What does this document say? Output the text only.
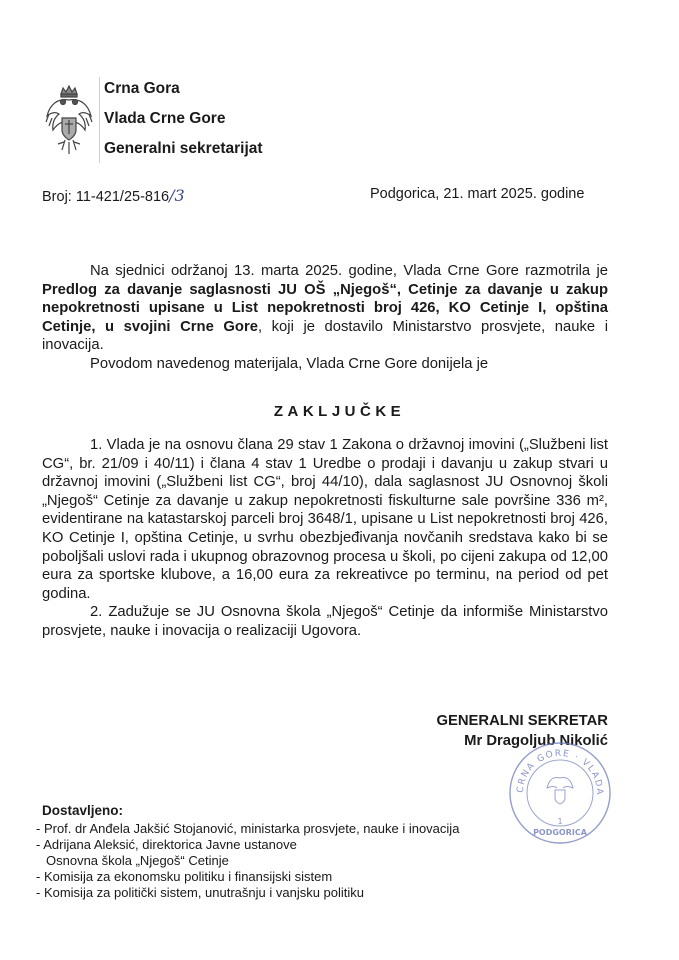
Crna Gora
Vlada Crne Gore
Generalni sekretarijat
Broj: 11-421/25-816/3	Podgorica, 21. mart 2025. godine

Na sjednici održanoj 13. marta 2025. godine, Vlada Crne Gore razmotrila je Predlog za davanje saglasnosti JU OŠ „Njegoš“, Cetinje za davanje u zakup nepokretnosti upisane u List nepokretnosti broj 426, KO Cetinje I, opština Cetinje, u svojini Crne Gore, koji je dostavilo Ministarstvo prosvjete, nauke i inovacija.

Povodom navedenog materijala, Vlada Crne Gore donijela je

ZAKLJUČKE

1. Vlada je na osnovu člana 29 stav 1 Zakona o državnoj imovini („Službeni list CG“, br. 21/09 i 40/11) i člana 4 stav 1 Uredbe o prodaji i davanju u zakup stvari u državnoj imovini („Službeni list CG“, broj 44/10), dala saglasnost JU Osnovnoj školi „Njegoš“ Cetinje za davanje u zakup nepokretnosti fiskulturne sale površine 336 m², evidentirane na katastarskoj parceli broj 3648/1, upisane u List nepokretnosti broj 426, KO Cetinje I, opština Cetinje, u svrhu obezbjeđivanja novčanih sredstava kako bi se poboljšali uslovi rada i ukupnog obrazovnog procesa u školi, po cijeni zakupa od 12,00 eura za sportske klubove, a 16,00 eura za rekreativce po terminu, na period od pet godina.

2. Zadužuje se JU Osnovna škola „Njegoš“ Cetinje da informiše Ministarstvo prosvjete, nauke i inovacija o realizaciji Ugovora.

GENERALNI SEKRETAR
Mr Dragoljub Nikolić
CRNA GORE · VLADA
1
PODGORICA
Dostavljeno:
- Prof. dr Anđela Jakšić Stojanović, ministarka prosvjete, nauke i inovacija
- Adrijana Aleksić, direktorica Javne ustanove
Osnovna škola „Njegoš“ Cetinje
- Komisija za ekonomsku politiku i finansijski sistem
- Komisija za politički sistem, unutrašnju i vanjsku politiku
